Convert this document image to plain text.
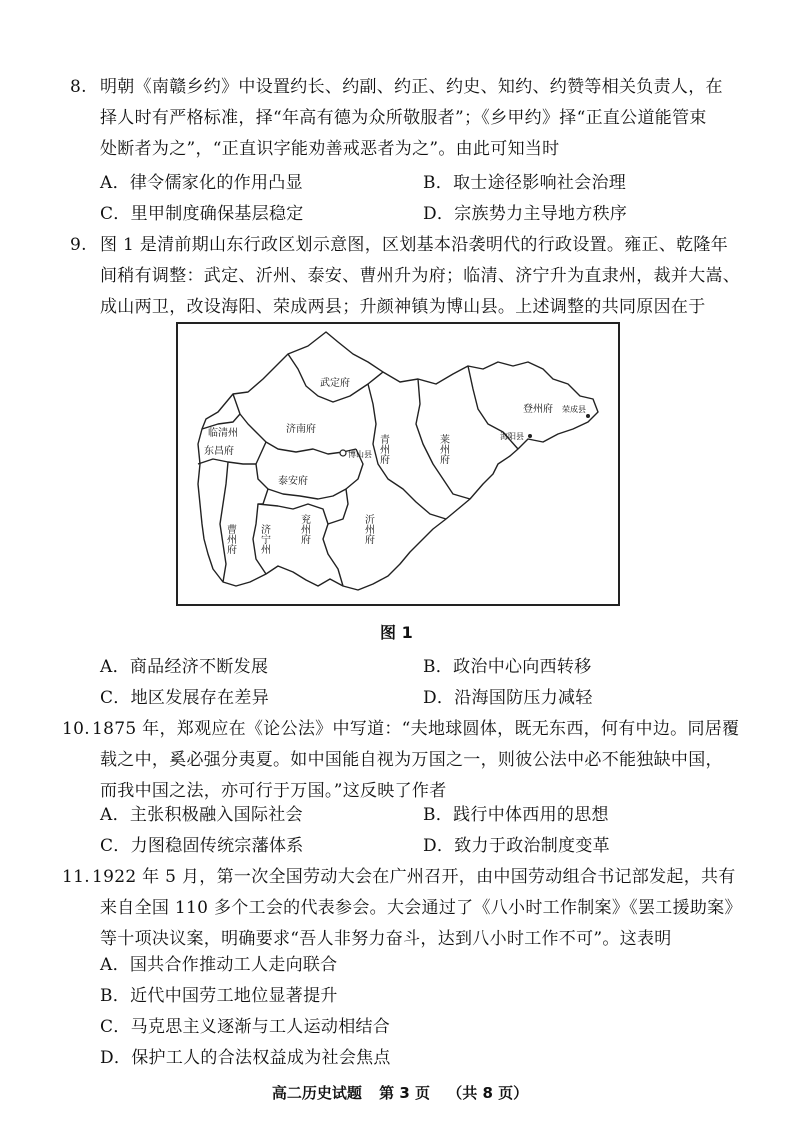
8. 明朝《南赣乡约》中设置约长、约副、约正、约史、知约、约赞等相关负责人，在
择人时有严格标准，择“年高有德为众所敬服者”；《乡甲约》择“正直公道能管束
处断者为之”，“正直识字能劝善戒恶者为之”。由此可知当时
A．律令儒家化的作用凸显	B．取士途径影响社会治理
C．里甲制度确保基层稳定	D．宗族势力主导地方秩序
9. 图 1 是清前期山东行政区划示意图，区划基本沿袭明代的行政设置。雍正、乾隆年
间稍有调整：武定、沂州、泰安、曹州升为府；临清、济宁升为直隶州，裁并大嵩、
成山两卫，改设海阳、荣成两县；升颜神镇为博山县。上述调整的共同原因在于
武定府
济南府
青州府
登州府
莱州府
临清州
东昌府
泰安府
曹州府 济宁州	兖州府	沂州府
博山县
海阳县
荣成县
图 1
A．商品经济不断发展	B．政治中心向西转移
C．地区发展存在差异	D．沿海国防压力减轻
10. 1875 年，郑观应在《论公法》中写道：“夫地球圆体，既无东西，何有中边。同居覆
载之中，奚必强分夷夏。如中国能自视为万国之一，则彼公法中必不能独缺中国，
而我中国之法，亦可行于万国。”这反映了作者
A．主张积极融入国际社会	B．践行中体西用的思想
C．力图稳固传统宗藩体系	D．致力于政治制度变革
11. 1922 年 5 月，第一次全国劳动大会在广州召开，由中国劳动组合书记部发起，共有
来自全国 110 多个工会的代表参会。大会通过了《八小时工作制案》《罢工援助案》
等十项决议案，明确要求“吾人非努力奋斗，达到八小时工作不可”。这表明
A．国共合作推动工人走向联合
B．近代中国劳工地位显著提升
C．马克思主义逐渐与工人运动相结合
D．保护工人的合法权益成为社会焦点
高二历史试题 第 3 页 （共 8 页）
